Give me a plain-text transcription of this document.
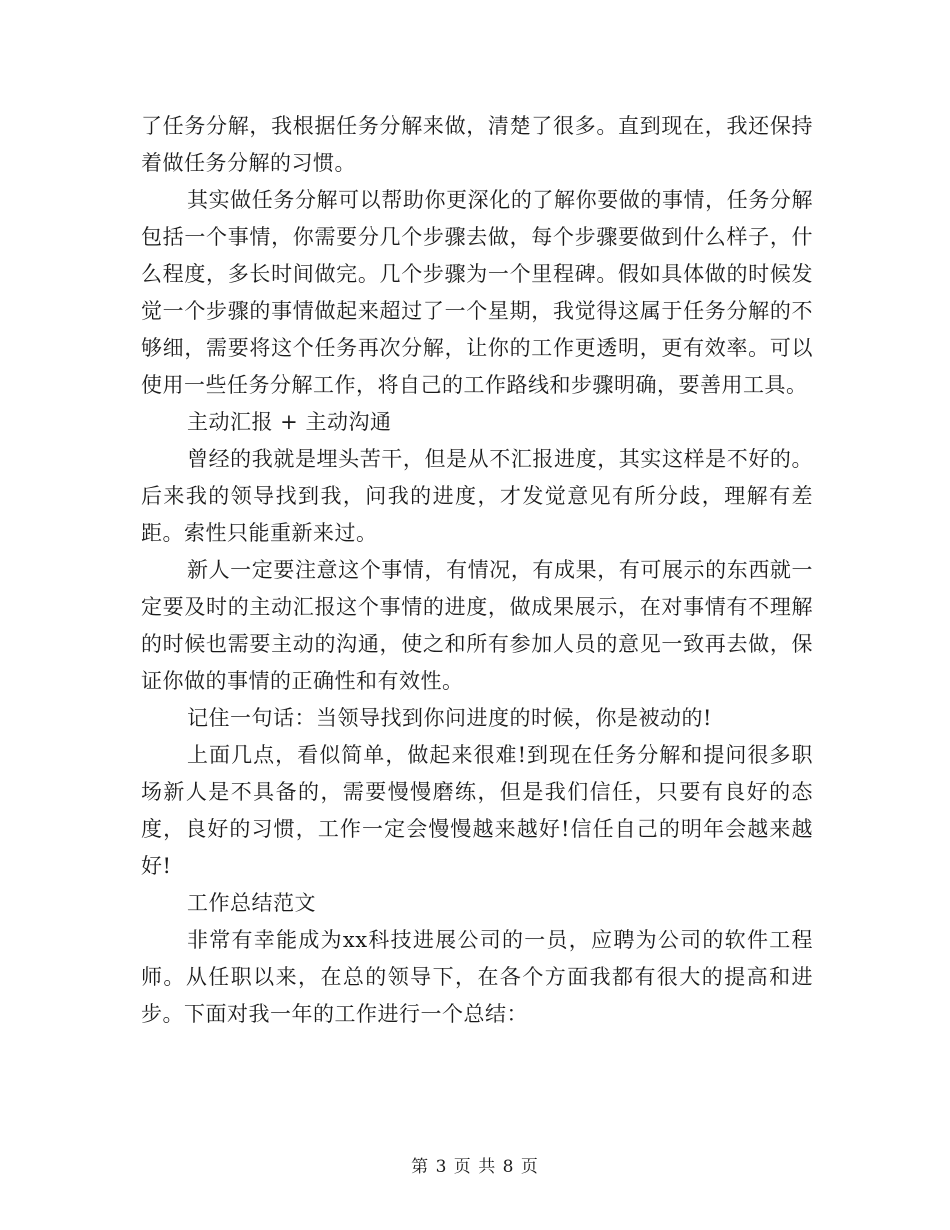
了任务分解，我根据任务分解来做，清楚了很多。直到现在，我还保持着做任务分解的习惯。

其实做任务分解可以帮助你更深化的了解你要做的事情，任务分解包括一个事情，你需要分几个步骤去做，每个步骤要做到什么样子，什么程度，多长时间做完。几个步骤为一个里程碑。假如具体做的时候发觉一个步骤的事情做起来超过了一个星期，我觉得这属于任务分解的不够细，需要将这个任务再次分解，让你的工作更透明，更有效率。可以使用一些任务分解工作，将自己的工作路线和步骤明确，要善用工具。

主动汇报 + 主动沟通

曾经的我就是埋头苦干，但是从不汇报进度，其实这样是不好的。后来我的领导找到我，问我的进度，才发觉意见有所分歧，理解有差距。索性只能重新来过。

新人一定要注意这个事情，有情况，有成果，有可展示的东西就一定要及时的主动汇报这个事情的进度，做成果展示，在对事情有不理解的时候也需要主动的沟通，使之和所有参加人员的意见一致再去做，保证你做的事情的正确性和有效性。

记住一句话：当领导找到你问进度的时候，你是被动的!

上面几点，看似简单，做起来很难!到现在任务分解和提问很多职场新人是不具备的，需要慢慢磨练，但是我们信任，只要有良好的态度，良好的习惯，工作一定会慢慢越来越好!信任自己的明年会越来越好!

工作总结范文

非常有幸能成为xx科技进展公司的一员，应聘为公司的软件工程师。从任职以来，在总的领导下，在各个方面我都有很大的提高和进步。下面对我一年的工作进行一个总结：

第 3 页 共 8 页
